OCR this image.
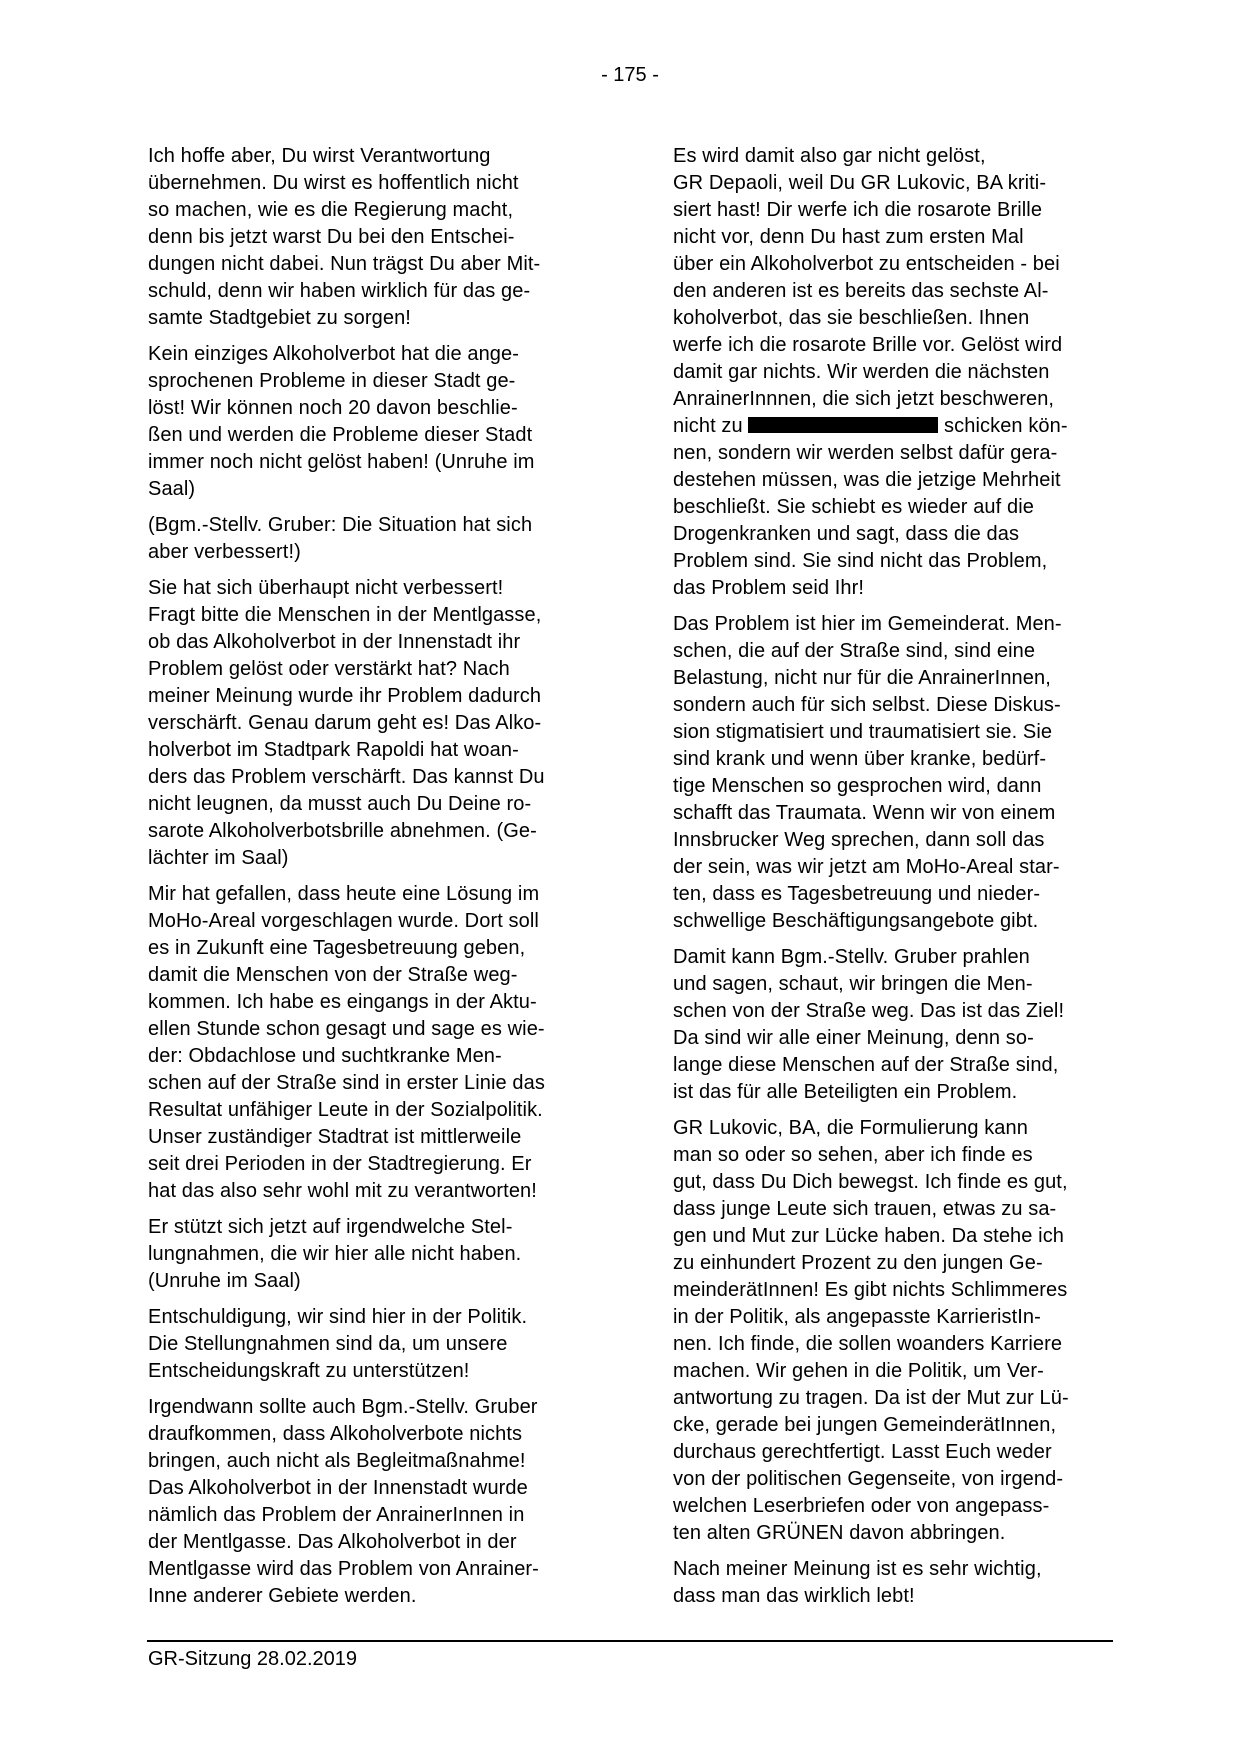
- 175 -
Ich hoffe aber, Du wirst Verantwortung
übernehmen. Du wirst es hoffentlich nicht
so machen, wie es die Regierung macht,
denn bis jetzt warst Du bei den Entschei-
dungen nicht dabei. Nun trägst Du aber Mit-
schuld, denn wir haben wirklich für das ge-
samte Stadtgebiet zu sorgen!
Kein einziges Alkoholverbot hat die ange-
sprochenen Probleme in dieser Stadt ge-
löst! Wir können noch 20 davon beschlie-
ßen und werden die Probleme dieser Stadt
immer noch nicht gelöst haben! (Unruhe im
Saal)
(Bgm.-Stellv. Gruber: Die Situation hat sich
aber verbessert!)
Sie hat sich überhaupt nicht verbessert!
Fragt bitte die Menschen in der Mentlgasse,
ob das Alkoholverbot in der Innenstadt ihr
Problem gelöst oder verstärkt hat? Nach
meiner Meinung wurde ihr Problem dadurch
verschärft. Genau darum geht es! Das Alko-
holverbot im Stadtpark Rapoldi hat woan-
ders das Problem verschärft. Das kannst Du
nicht leugnen, da musst auch Du Deine ro-
sarote Alkoholverbotsbrille abnehmen. (Ge-
lächter im Saal)
Mir hat gefallen, dass heute eine Lösung im
MoHo-Areal vorgeschlagen wurde. Dort soll
es in Zukunft eine Tagesbetreuung geben,
damit die Menschen von der Straße weg-
kommen. Ich habe es eingangs in der Aktu-
ellen Stunde schon gesagt und sage es wie-
der: Obdachlose und suchtkranke Men-
schen auf der Straße sind in erster Linie das
Resultat unfähiger Leute in der Sozialpolitik.
Unser zuständiger Stadtrat ist mittlerweile
seit drei Perioden in der Stadtregierung. Er
hat das also sehr wohl mit zu verantworten!
Er stützt sich jetzt auf irgendwelche Stel-
lungnahmen, die wir hier alle nicht haben.
(Unruhe im Saal)
Entschuldigung, wir sind hier in der Politik.
Die Stellungnahmen sind da, um unsere
Entscheidungskraft zu unterstützen!
Irgendwann sollte auch Bgm.-Stellv. Gruber
draufkommen, dass Alkoholverbote nichts
bringen, auch nicht als Begleitmaßnahme!
Das Alkoholverbot in der Innenstadt wurde
nämlich das Problem der AnrainerInnen in
der Mentlgasse. Das Alkoholverbot in der
Mentlgasse wird das Problem von Anrainer-
Inne anderer Gebiete werden.
Es wird damit also gar nicht gelöst,
GR Depaoli, weil Du GR Lukovic, BA kriti-
siert hast! Dir werfe ich die rosarote Brille
nicht vor, denn Du hast zum ersten Mal
über ein Alkoholverbot zu entscheiden - bei
den anderen ist es bereits das sechste Al-
koholverbot, das sie beschließen. Ihnen
werfe ich die rosarote Brille vor. Gelöst wird
damit gar nichts. Wir werden die nächsten
AnrainerInnnen, die sich jetzt beschweren,
nicht zu	schicken kön-
nen, sondern wir werden selbst dafür gera-
destehen müssen, was die jetzige Mehrheit
beschließt. Sie schiebt es wieder auf die
Drogenkranken und sagt, dass die das
Problem sind. Sie sind nicht das Problem,
das Problem seid Ihr!
Das Problem ist hier im Gemeinderat. Men-
schen, die auf der Straße sind, sind eine
Belastung, nicht nur für die AnrainerInnen,
sondern auch für sich selbst. Diese Diskus-
sion stigmatisiert und traumatisiert sie. Sie
sind krank und wenn über kranke, bedürf-
tige Menschen so gesprochen wird, dann
schafft das Traumata. Wenn wir von einem
Innsbrucker Weg sprechen, dann soll das
der sein, was wir jetzt am MoHo-Areal star-
ten, dass es Tagesbetreuung und nieder-
schwellige Beschäftigungsangebote gibt.
Damit kann Bgm.-Stellv. Gruber prahlen
und sagen, schaut, wir bringen die Men-
schen von der Straße weg. Das ist das Ziel!
Da sind wir alle einer Meinung, denn so-
lange diese Menschen auf der Straße sind,
ist das für alle Beteiligten ein Problem.
GR Lukovic, BA, die Formulierung kann
man so oder so sehen, aber ich finde es
gut, dass Du Dich bewegst. Ich finde es gut,
dass junge Leute sich trauen, etwas zu sa-
gen und Mut zur Lücke haben. Da stehe ich
zu einhundert Prozent zu den jungen Ge-
meinderätInnen! Es gibt nichts Schlimmeres
in der Politik, als angepasste KarrieristIn-
nen. Ich finde, die sollen woanders Karriere
machen. Wir gehen in die Politik, um Ver-
antwortung zu tragen. Da ist der Mut zur Lü-
cke, gerade bei jungen GemeinderätInnen,
durchaus gerechtfertigt. Lasst Euch weder
von der politischen Gegenseite, von irgend-
welchen Leserbriefen oder von angepass-
ten alten GRÜNEN davon abbringen.
Nach meiner Meinung ist es sehr wichtig,
dass man das wirklich lebt!
GR-Sitzung 28.02.2019
